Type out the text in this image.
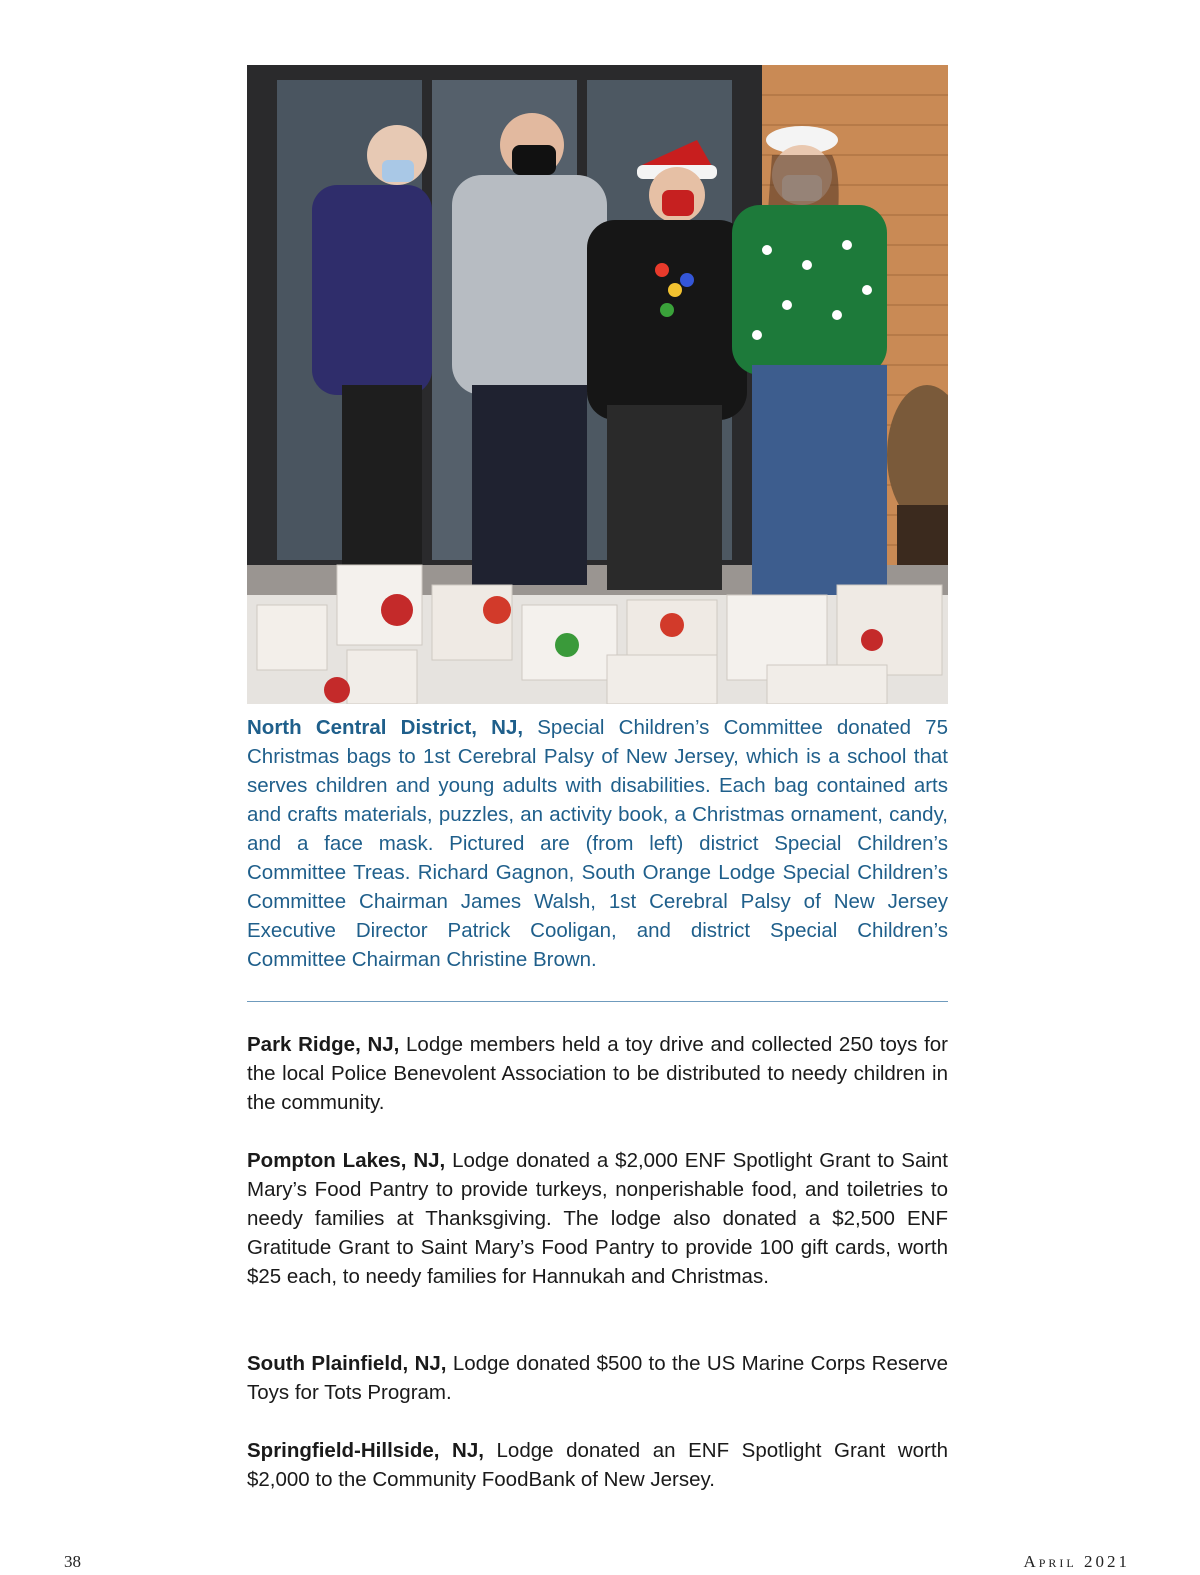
North Central District, NJ, Special Children’s Committee donated 75 Christmas bags to 1st Cerebral Palsy of New Jersey, which is a school that serves children and young adults with disabilities. Each bag contained arts and crafts materials, puzzles, an activity book, a Christmas ornament, candy, and a face mask. Pictured are (from left) district Special Children’s Committee Treas. Richard Gagnon, South Orange Lodge Special Children’s Committee Chairman James Walsh, 1st Cerebral Palsy of New Jersey Executive Director Patrick Cooligan, and district Special Children’s Committee Chairman Christine Brown.
Park Ridge, NJ, Lodge members held a toy drive and collected 250 toys for the local Police Benevolent Association to be distributed to needy children in the community.
Pompton Lakes, NJ, Lodge donated a $2,000 ENF Spotlight Grant to Saint Mary’s Food Pantry to provide turkeys, nonperishable food, and toiletries to needy families at Thanksgiving. The lodge also donated a $2,500 ENF Gratitude Grant to Saint Mary’s Food Pantry to provide 100 gift cards, worth $25 each, to needy families for Hannukah and Christmas.
South Plainfield, NJ, Lodge donated $500 to the US Marine Corps Reserve Toys for Tots Program.
Springfield-Hillside, NJ, Lodge donated an ENF Spotlight Grant worth $2,000 to the Community FoodBank of New Jersey.
38	April 2021
